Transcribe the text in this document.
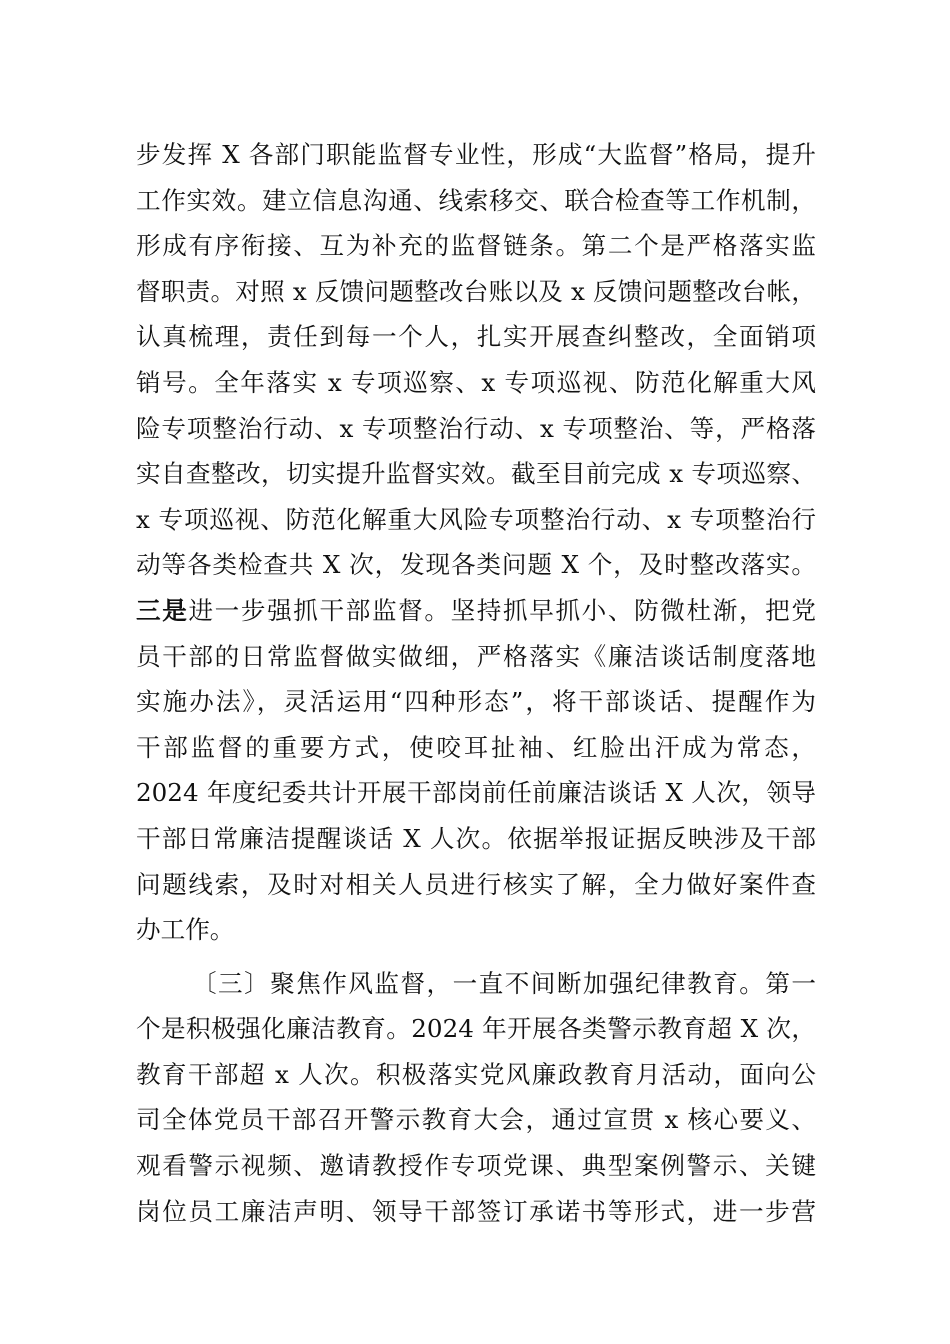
步发挥 X 各部门职能监督专业性，形成“大监督”格局，提升
工作实效。建立信息沟通、线索移交、联合检查等工作机制，
形成有序衔接、互为补充的监督链条。第二个是严格落实监
督职责。对照 x 反馈问题整改台账以及 x 反馈问题整改台帐，
认真梳理，责任到每一个人，扎实开展查纠整改，全面销项
销号。全年落实 x 专项巡察、x 专项巡视、防范化解重大风
险专项整治行动、x 专项整治行动、x 专项整治、等，严格落
实自查整改，切实提升监督实效。截至目前完成 x 专项巡察、
x 专项巡视、防范化解重大风险专项整治行动、x 专项整治行
动等各类检查共 X 次，发现各类问题 X 个，及时整改落实。
三是进一步强抓干部监督。坚持抓早抓小、防微杜渐，把党
员干部的日常监督做实做细，严格落实《廉洁谈话制度落地
实施办法》，灵活运用“四种形态”，将干部谈话、提醒作为
干部监督的重要方式，使咬耳扯袖、红脸出汗成为常态，
2024 年度纪委共计开展干部岗前任前廉洁谈话 X 人次，领导
干部日常廉洁提醒谈话 X 人次。依据举报证据反映涉及干部
问题线索，及时对相关人员进行核实了解，全力做好案件查
办工作。
〔三〕聚焦作风监督，一直不间断加强纪律教育。第一
个是积极强化廉洁教育。2024 年开展各类警示教育超 X 次，
教育干部超 x 人次。积极落实党风廉政教育月活动，面向公
司全体党员干部召开警示教育大会，通过宣贯 x 核心要义、
观看警示视频、邀请教授作专项党课、典型案例警示、关键
岗位员工廉洁声明、领导干部签订承诺书等形式，进一步营
